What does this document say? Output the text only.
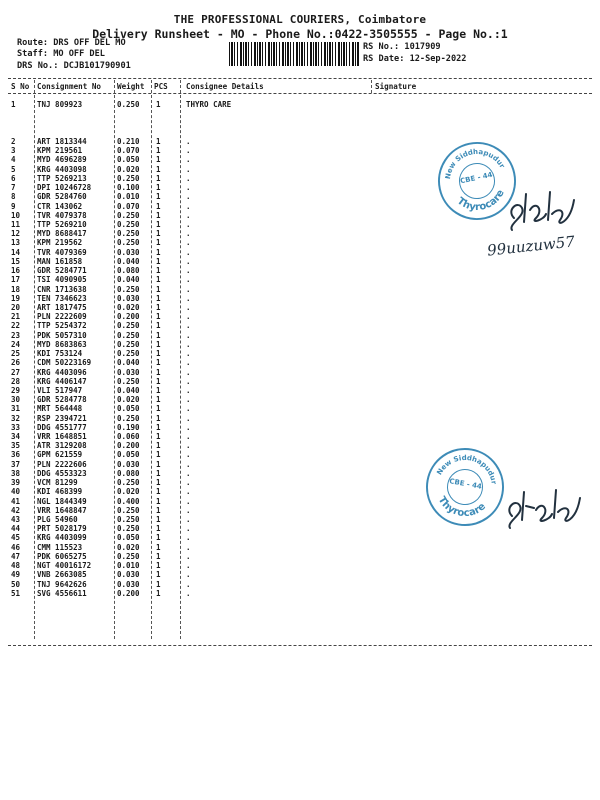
THE PROFESSIONAL COURIERS, Coimbatore
Delivery Runsheet - MO - Phone No.:0422-3505555 - Page No.:1
Route: DRS OFF DEL MO
Staff: MO OFF DEL
DRS No.: DCJB101790901
RS No.: 1017909
RS Date: 12-Sep-2022
S No Consignment No Weight PCS Consignee Details	Signature
1	TNJ 809923	0.250 1	THYRO CARE
2	ART 1813344	0.210 1	.
3	KPM 219561	0.070 1	.
4	MYD 4696289	0.050 1	.
5	KRG 4403098	0.020 1	.
6	TTP 5269213	0.250 1	.
7	DPI 10246728	0.100 1	.
8	GDR 5284760	0.010 1	.
9	CTR 143062	0.070 1	.
10 TVR 4079378	0.250 1	.
11 TTP 5269210	0.250 1	.
12 MYD 8688417	0.250 1	.
13 KPM 219562	0.250 1	.
14 TVR 4079369	0.030 1	.
15 MAN 161858	0.040 1	.
16 GDR 5284771	0.080 1	.
17 TSI 4090905	0.040 1	.
18 CNR 1713638	0.250 1	.
19 TEN 7346623	0.030 1	.
20 ART 1817475	0.020 1	.
21 PLN 2222609	0.200 1	.
22 TTP 5254372	0.250 1	.
23 PDK 5057310	0.250 1	.
24 MYD 8683863	0.250 1	.
25 KDI 753124	0.250 1	.
26 CDM 50223169	0.040 1	.
27 KRG 4403096	0.030 1	.
28 KRG 4406147	0.250 1	.
29 VLI 517947	0.040 1	.
30 GDR 5284778	0.020 1	.
31 MRT 564448	0.050 1	.
32 RSP 2394721	0.250 1	.
33 DDG 4551777	0.190 1	.
34 VRR 1648851	0.060 1	.
35 ATR 3129208	0.200 1	.
36 GPM 621559	0.050 1	.
37 PLN 2222606	0.030 1	.
38 DDG 4553323	0.080 1	.
39 VCM 81299	0.250 1	.
40 KDI 468399	0.020 1	.
41 NGL 1844349	0.400 1	.
42 VRR 1648847	0.250 1	.
43 PLG 54960	0.250 1	.
44 PRT 5028179	0.250 1	.
45 KRG 4403099	0.050 1	.
46 CMM 115523	0.020 1	.
47 PDK 6065275	0.250 1	.
48 NGT 40016172	0.010 1	.
49 VNB 2663085	0.030 1	.
50 TNJ 9642626	0.030 1	.
51 SVG 4556611	0.200 1	.
New Siddhapudur
Thyrocare
CBE - 44
99uuzuw57
New Siddhapudur
Thyrocare
CBE - 44
